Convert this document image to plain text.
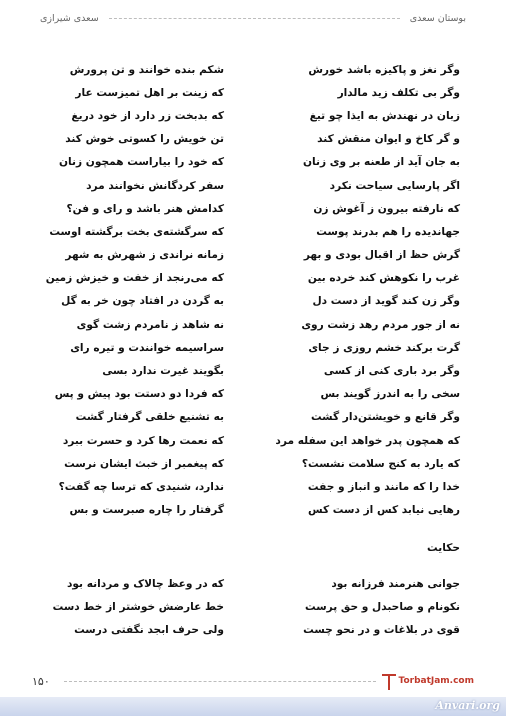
بوستان سعدی
سعدی شیرازی
وگر نغز و پاکیزه باشد خورش
شکم بنده خوانند و تن پرورش
وگر بی تکلف زید مالدار
که زینت بر اهل تمیزست عار
زبان در نهندش به ایذا چو تیغ
که بدبخت زر دارد از خود دریغ
و گر کاخ و ایوان منقش کند
تن خویش را کسوتی خوش کند
به جان آید از طعنه بر وی زنان
که خود را بیاراست همچون زنان
اگر پارسایی سیاحت نکرد
سفر کردگانش نخوانند مرد
که نارفته بیرون ز آغوش زن
کدامش هنر باشد و رای و فن؟
جهاندیده را هم بدرند پوست
که سرگشته‌ی بخت برگشته اوست
گرش حظ از اقبال بودی و بهر
زمانه نراندی ز شهرش به شهر
غرب را نکوهش کند خرده بین
که می‌رنجد از خفت و خیزش زمین
وگر زن کند گوید از دست دل
به گردن در افتاد چون خر به گل
نه از جور مردم رهد زشت روی
نه شاهد ز نامردم زشت گوی
گرت برکند خشم روزی ز جای
سراسیمه خوانندت و تیره رای
وگر برد باری کنی از کسی
بگویند غیرت ندارد بسی
سخی را به اندرز گویند بس
که فردا دو دستت بود پیش و پس
وگر قانع و خویشتن‌دار گشت
به تشنیع خلقی گرفتار گشت
که همچون پدر خواهد این سفله مرد
که نعمت رها کرد و حسرت ببرد
که یارد به کنج سلامت نشست؟
که پیغمبر از خبث ایشان نرست
خدا را که مانند و انباز و جفت
ندارد، شنیدی که ترسا چه گفت؟
رهایی نیابد کس از دست کس
گرفتار را چاره صبرست و بس
حکایت
جوانی هنرمند فرزانه بود
که در وعظ چالاک و مردانه بود
نکونام و صاحبدل و حق پرست
خط عارضش خوشتر از خط دست
قوی در بلاغات و در نحو چست
ولی حرف ابجد نگفتی درست
۱۵۰	TorbatJam.com
Anvari.org
